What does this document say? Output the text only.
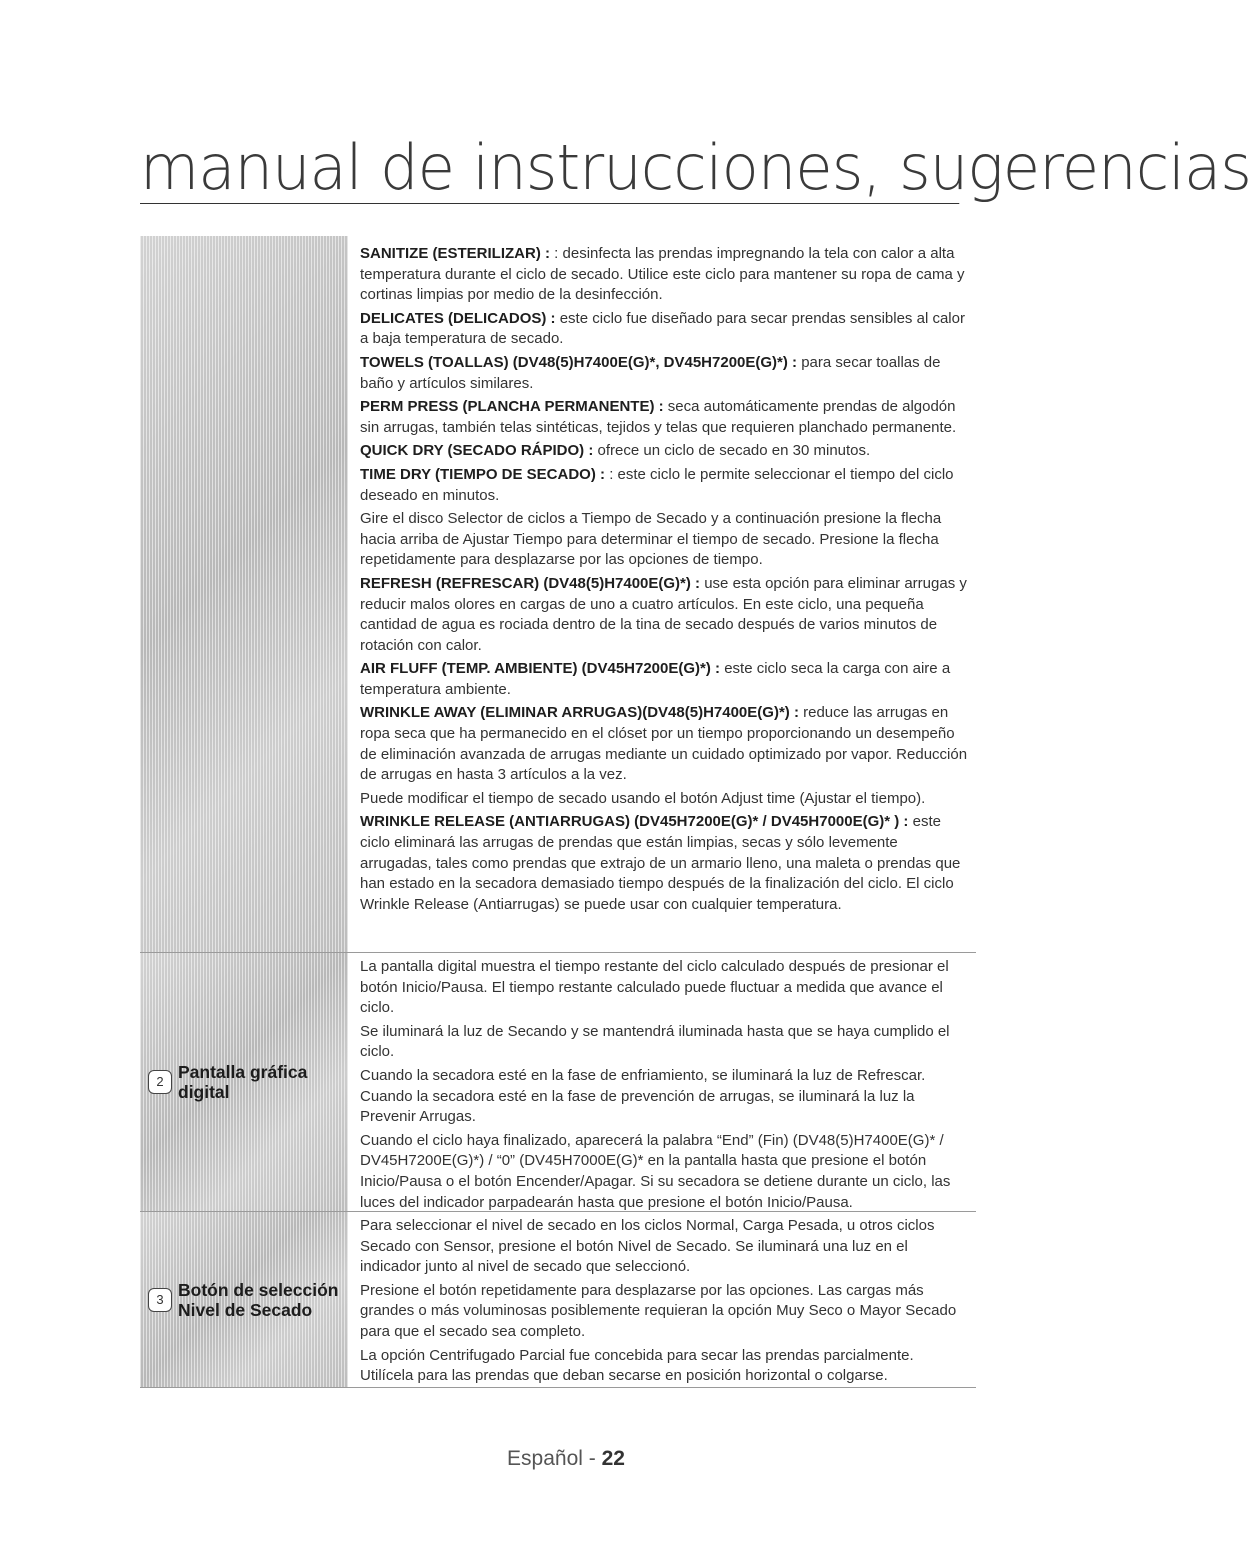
manual de instrucciones, sugerencias

SANITIZE (ESTERILIZAR) : : desinfecta las prendas impregnando la tela con calor a alta temperatura durante el ciclo de secado. Utilice este ciclo para mantener su ropa de cama y cortinas limpias por medio de la desinfección.

DELICATES (DELICADOS) : este ciclo fue diseñado para secar prendas sensibles al calor a baja temperatura de secado.

TOWELS (TOALLAS) (DV48(5)H7400E(G)*, DV45H7200E(G)*) : para secar toallas de baño y artículos similares.

PERM PRESS (PLANCHA PERMANENTE) : seca automáticamente prendas de algodón sin arrugas, también telas sintéticas, tejidos y telas que requieren planchado permanente.

QUICK DRY (SECADO RÁPIDO) : ofrece un ciclo de secado en 30 minutos.

TIME DRY (TIEMPO DE SECADO) : : este ciclo le permite seleccionar el tiempo del ciclo deseado en minutos.

Gire el disco Selector de ciclos a Tiempo de Secado y a continuación presione la flecha hacia arriba de Ajustar Tiempo para determinar el tiempo de secado. Presione la flecha repetidamente para desplazarse por las opciones de tiempo.

REFRESH (REFRESCAR) (DV48(5)H7400E(G)*) : use esta opción para eliminar arrugas y reducir malos olores en cargas de uno a cuatro artículos. En este ciclo, una pequeña cantidad de agua es rociada dentro de la tina de secado después de varios minutos de rotación con calor.

AIR FLUFF (TEMP. AMBIENTE) (DV45H7200E(G)*) : este ciclo seca la carga con aire a temperatura ambiente.

WRINKLE AWAY (ELIMINAR ARRUGAS)(DV48(5)H7400E(G)*) : reduce las arrugas en ropa seca que ha permanecido en el clóset por un tiempo proporcionando un desempeño de eliminación avanzada de arrugas mediante un cuidado optimizado por vapor. Reducción de arrugas en hasta 3 artículos a la vez.

Puede modificar el tiempo de secado usando el botón Adjust time (Ajustar el tiempo).

WRINKLE RELEASE (ANTIARRUGAS) (DV45H7200E(G)* / DV45H7000E(G)* ) : este ciclo eliminará las arrugas de prendas que están limpias, secas y sólo levemente arrugadas, tales como prendas que extrajo de un armario lleno, una maleta o prendas que han estado en la secadora demasiado tiempo después de la finalización del ciclo. El ciclo Wrinkle Release (Antiarrugas) se puede usar con cualquier temperatura.

2 Pantalla gráfica digital

La pantalla digital muestra el tiempo restante del ciclo calculado después de presionar el botón Inicio/Pausa. El tiempo restante calculado puede fluctuar a medida que avance el ciclo.

Se iluminará la luz de Secando y se mantendrá iluminada hasta que se haya cumplido el ciclo.

Cuando la secadora esté en la fase de enfriamiento, se iluminará la luz de Refrescar. Cuando la secadora esté en la fase de prevención de arrugas, se iluminará la luz la Prevenir Arrugas.

Cuando el ciclo haya finalizado, aparecerá la palabra “End” (Fin) (DV48(5)H7400E(G)* / DV45H7200E(G)*) / “0” (DV45H7000E(G)* en la pantalla hasta que presione el botón Inicio/Pausa o el botón Encender/Apagar. Si su secadora se detiene durante un ciclo, las luces del indicador parpadearán hasta que presione el botón Inicio/Pausa.

3 Botón de selección Nivel de Secado

Para seleccionar el nivel de secado en los ciclos Normal, Carga Pesada, u otros ciclos Secado con Sensor, presione el botón Nivel de Secado. Se iluminará una luz en el indicador junto al nivel de secado que seleccionó.

Presione el botón repetidamente para desplazarse por las opciones. Las cargas más grandes o más voluminosas posiblemente requieran la opción Muy Seco o Mayor Secado para que el secado sea completo.

La opción Centrifugado Parcial fue concebida para secar las prendas parcialmente. Utilícela para las prendas que deban secarse en posición horizontal o colgarse.

Español - 22
